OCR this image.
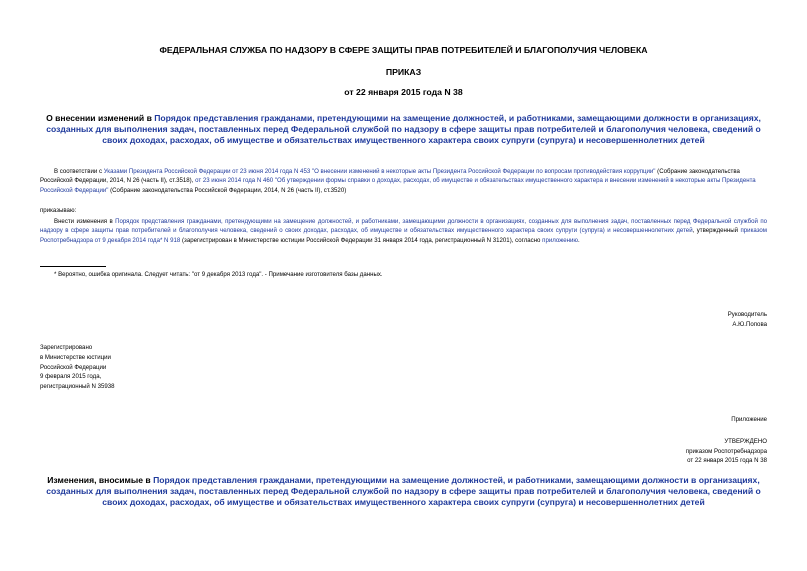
ФЕДЕРАЛЬНАЯ СЛУЖБА ПО НАДЗОРУ В СФЕРЕ ЗАЩИТЫ ПРАВ ПОТРЕБИТЕЛЕЙ И БЛАГОПОЛУЧИЯ ЧЕЛОВЕКА
ПРИКАЗ
от 22 января 2015 года N 38
О внесении изменений в Порядок представления гражданами, претендующими на замещение должностей, и работниками, замещающими должности в организациях, созданных для выполнения задач, поставленных перед Федеральной службой по надзору в сфере защиты прав потребителей и благополучия человека, сведений о своих доходах, расходах, об имуществе и обязательствах имущественного характера своих супруги (супруга) и несовершеннолетних детей
В соответствии с Указами Президента Российской Федерации от 23 июня 2014 года N 453 "О внесении изменений в некоторые акты Президента Российской Федерации по вопросам противодействия коррупции" (Собрание законодательства Российской Федерации, 2014, N 26 (часть II), ст.3518), от 23 июня 2014 года N 460 "Об утверждении формы справки о доходах, расходах, об имуществе и обязательствах имущественного характера и внесении изменений в некоторые акты Президента Российской Федерации" (Собрание законодательства Российской Федерации, 2014, N 26 (часть II), ст.3520)
приказываю:
Внести изменения в Порядок представления гражданами, претендующими на замещение должностей, и работниками, замещающими должности в организациях, созданных для выполнения задач, поставленных перед Федеральной службой по надзору в сфере защиты прав потребителей и благополучия человека, сведений о своих доходах, расходах, об имуществе и обязательствах имущественного характера своих супруги (супруга) и несовершеннолетних детей, утвержденный приказом Роспотребнадзора от 9 декабря 2014 года* N 918 (зарегистрирован в Министерстве юстиции Российской Федерации 31 января 2014 года, регистрационный N 31201), согласно приложению.
* Вероятно, ошибка оригинала. Следует читать: "от 9 декабря 2013 года". - Примечание изготовителя базы данных.
Руководитель
А.Ю.Попова
Зарегистрировано
в Министерстве юстиции
Российской Федерации
9 февраля 2015 года,
регистрационный N 35938
Приложение
УТВЕРЖДЕНО
приказом Роспотребнадзора
от 22 января 2015 года N 38
Изменения, вносимые в Порядок представления гражданами, претендующими на замещение должностей, и работниками, замещающими должности в организациях, созданных для выполнения задач, поставленных перед Федеральной службой по надзору в сфере защиты прав потребителей и благополучия человека, сведений о своих доходах, расходах, об имуществе и обязательствах имущественного характера своих супруги (супруга) и несовершеннолетних детей
